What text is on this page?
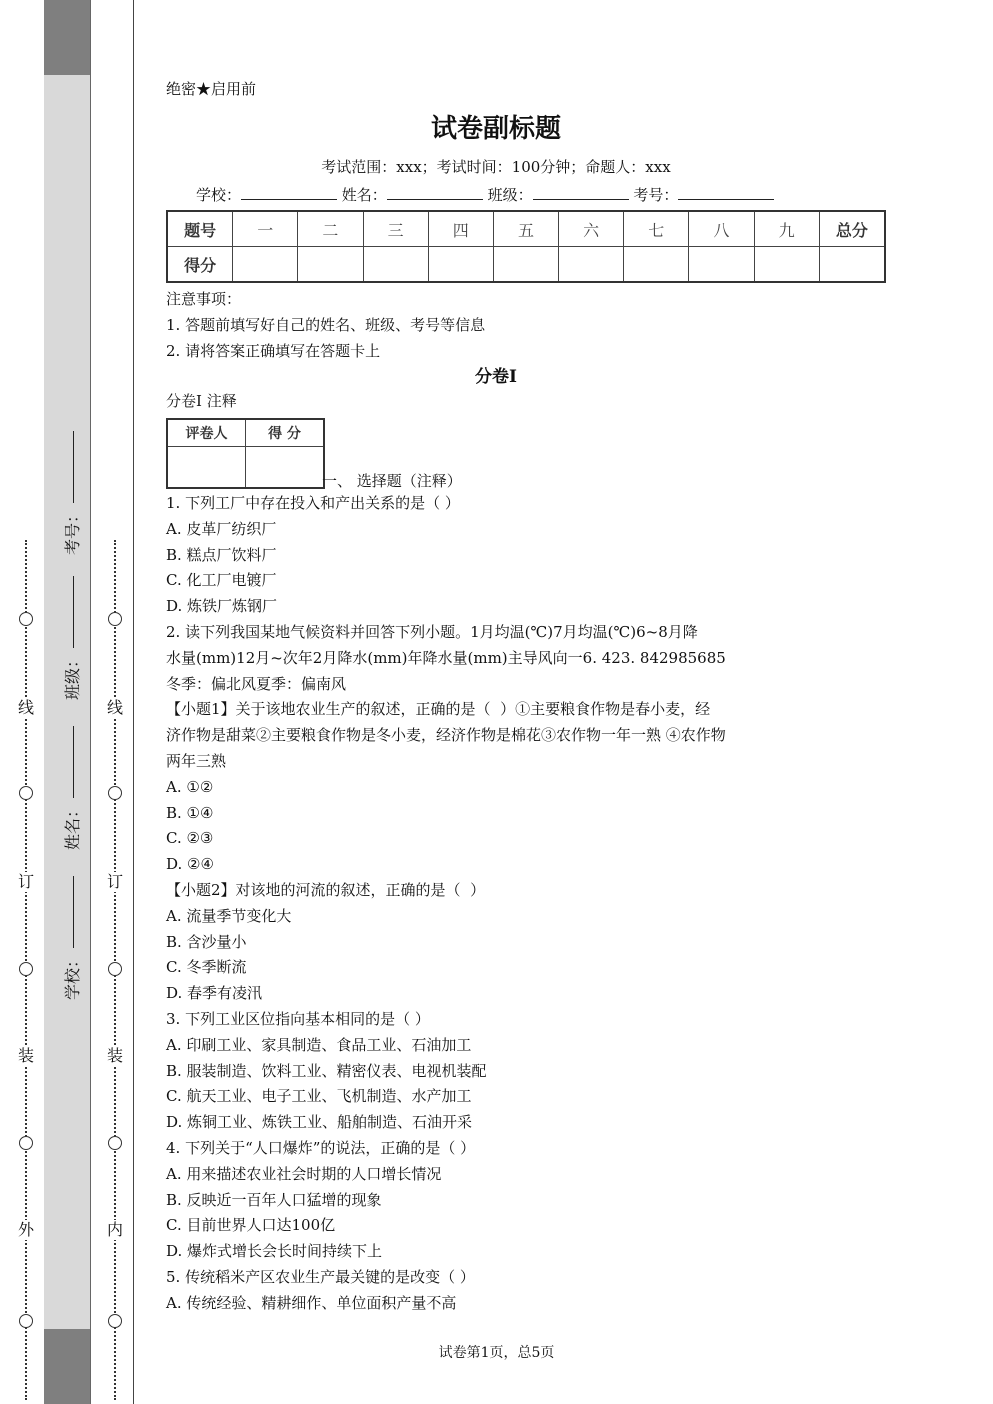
外
装
订
线
内
装
订
线
学校：
姓名：
班级：
考号：
绝密★启用前
试卷副标题
考试范围：xxx；考试时间：100分钟；命题人：xxx
学校：	姓名：	班级：	考号：
题号	一	二	三	四	五	六	七	八	九	总分
得分										
注意事项：
1. 答题前填写好自己的姓名、班级、考号等信息
2. 请将答案正确填写在答题卡上
分卷I
分卷I 注释
评卷人	得 分

一、 选择题（注释）
1. 下列工厂中存在投入和产出关系的是（ ）
A. 皮革厂纺织厂
B. 糕点厂饮料厂
C. 化工厂电镀厂
D. 炼铁厂炼钢厂
2. 读下列我国某地气候资料并回答下列小题。1月均温(℃)7月均温(℃)6~8月降
水量(mm)12月~次年2月降水(mm)年降水量(mm)主导风向一6. 423. 842985685
冬季：偏北风夏季：偏南风
【小题1】关于该地农业生产的叙述，正确的是（  ）①主要粮食作物是春小麦，经
济作物是甜菜②主要粮食作物是冬小麦，经济作物是棉花③农作物一年一熟 ④农作物
两年三熟
A. ①②
B. ①④
C. ②③
D. ②④
【小题2】对该地的河流的叙述，正确的是（  ）
A. 流量季节变化大
B. 含沙量小
C. 冬季断流
D. 春季有凌汛
3. 下列工业区位指向基本相同的是（ ）
A. 印刷工业、家具制造、食品工业、石油加工
B. 服装制造、饮料工业、精密仪表、电视机装配
C. 航天工业、电子工业、飞机制造、水产加工
D. 炼铜工业、炼铁工业、船舶制造、石油开采
4. 下列关于“人口爆炸”的说法，正确的是（ ）
A. 用来描述农业社会时期的人口增长情况
B. 反映近一百年人口猛增的现象
C. 目前世界人口达100亿
D. 爆炸式增长会长时间持续下上
5. 传统稻米产区农业生产最关键的是改变（ ）
A. 传统经验、精耕细作、单位面积产量不高
试卷第1页，总5页
